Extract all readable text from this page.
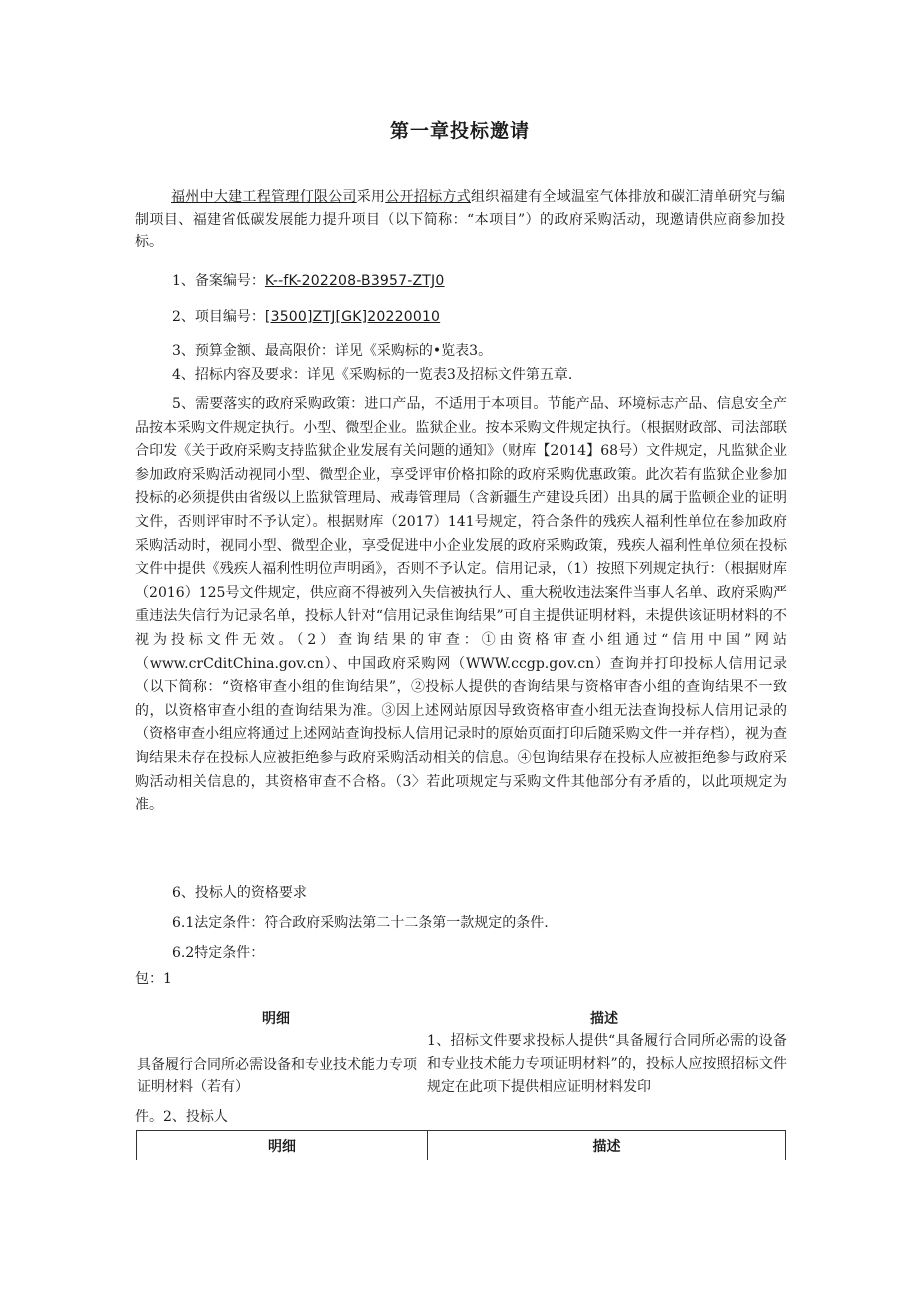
第一章投标邀请
福州中大建工程管理仃限公司采用公开招标方式组织福建有全域温室气体排放和碳汇清单研究与编制项目、福建省低碳发展能力提升项目（以下简称：“本项目”）的政府采购活动，现邀请供应商参加投标。
1、备案编号：K--fK-202208-B3957-ZTJ0
2、项目编号：[3500]ZTJ[GK]20220010
3、预算金额、最高限价：详见《采购标的•览表3。
4、招标内容及要求：详见《采购标的一览表3及招标文件第五章.
5、需要落实的政府采购政策：进口产品，不适用于本项目。节能产品、环境标志产品、信息安全产品按本采购文件规定执行。小型、微型企业。监狱企业。按本采购文件规定执行。（根据财政部、司法部联合印发《关于政府采购支持监狱企业发展有关问题的通知》（财库【2014】68号）文件规定，凡监狱企业参加政府采购活动视同小型、微型企业，享受评审价格扣除的政府采购优惠政策。此次若有监狱企业参加投标的必须提供由省级以上监狱管理局、戒毒管理局（含新疆生产建设兵团）出具的属于监顿企业的证明文件，否则评审时不予认定）。根据财库（2017）141号规定，符合条件的残疾人福利性单位在参加政府采购活动时，视同小型、微型企业，享受促进中小企业发展的政府采购政策，残疾人福利性单位须在投标文件中提供《残疾人福利性明位声明函》，否则不予认定。信用记录，（1）按照下列规定执行：（根据财库（2016）125号文件规定，供应商不得被列入失信被执行人、重大税收违法案件当事人名单、政府采购严重违法失信行为记录名单，投标人针对“信用记录隹询结果”可自主提供证明材料，未提供该证明材料的不视为投标文件无效。（2）查询结果的审查：①由资格审查小组通过“信用中国”网站（www.crCditChina.gov.cn）、中国政府采购网（WWW.ccgp.gov.cn）查询并打印投标人信用记录（以下简称：“资格审查小组的隹询结果”，②投标人提供的杳询结果与资格审杳小组的查询结果不一致的，以资格审查小组的查询结果为准。③因上述网站原因导致资格审查小组无法查询投标人信用记录的（资格审查小组应将通过上述网站查询投标人信用记录时的原始页面打印后随采购文件一并存档），视为查询结果未存在投标人应被拒绝参与政府采购活动相关的信息。④包询结果存在投标人应被拒绝参与政府采购活动相关信息的，其资格审查不合格。（3〉若此项规定与采购文件其他部分有矛盾的，以此项规定为准。
6、投标人的资格要求
6.1法定条件：符合政府采购法第二十二条第一款规定的条件.
6.2特定条件：
包：1
明细	描述
具备履行合同所必需设备和专业技术能力专项证明材料（若有）
1、招标文件要求投标人提供“具备履行合同所必需的设备和专业技术能力专项证明材料”的，投标人应按照招标文件规定在此项下提供相应证明材料发印
件。2、投标人
明细	描述
